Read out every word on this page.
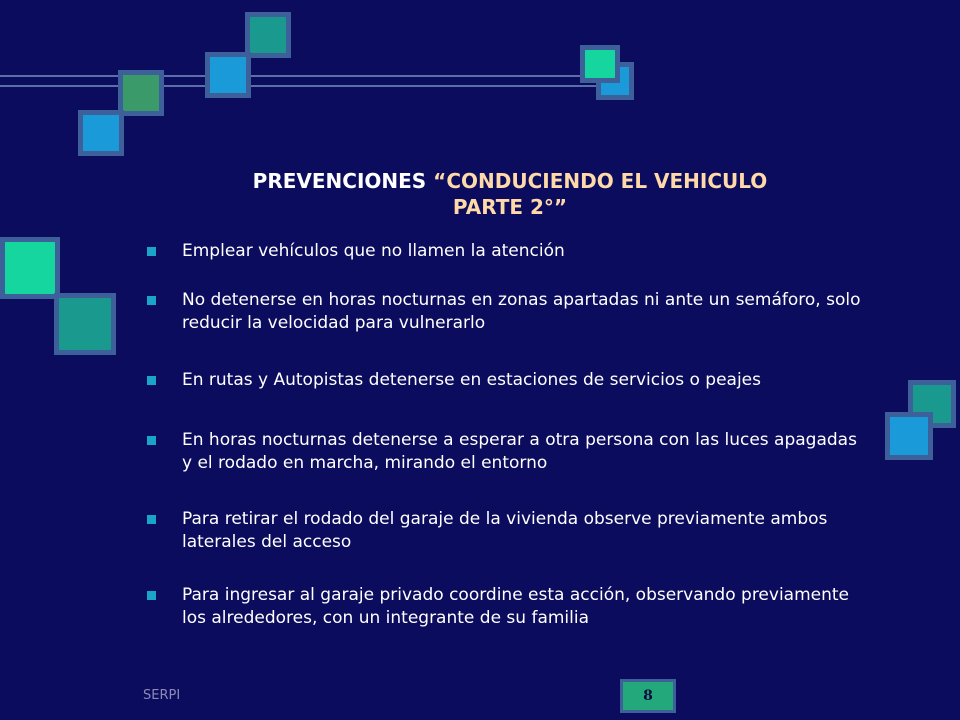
PREVENCIONES “CONDUCIENDO EL VEHICULO
PARTE 2°”
Emplear vehículos que no llamen la atención
No detenerse en horas nocturnas en zonas apartadas ni ante un semáforo, solo reducir la velocidad para vulnerarlo
En rutas y Autopistas detenerse en estaciones de servicios o peajes
En horas nocturnas detenerse a esperar a otra persona con las luces apagadas y el rodado en marcha, mirando el entorno
Para retirar el rodado del garaje de la vivienda observe previamente ambos laterales del acceso
Para ingresar al garaje privado coordine esta acción, observando previamente los alrededores, con un integrante de su familia
SERPI	8
